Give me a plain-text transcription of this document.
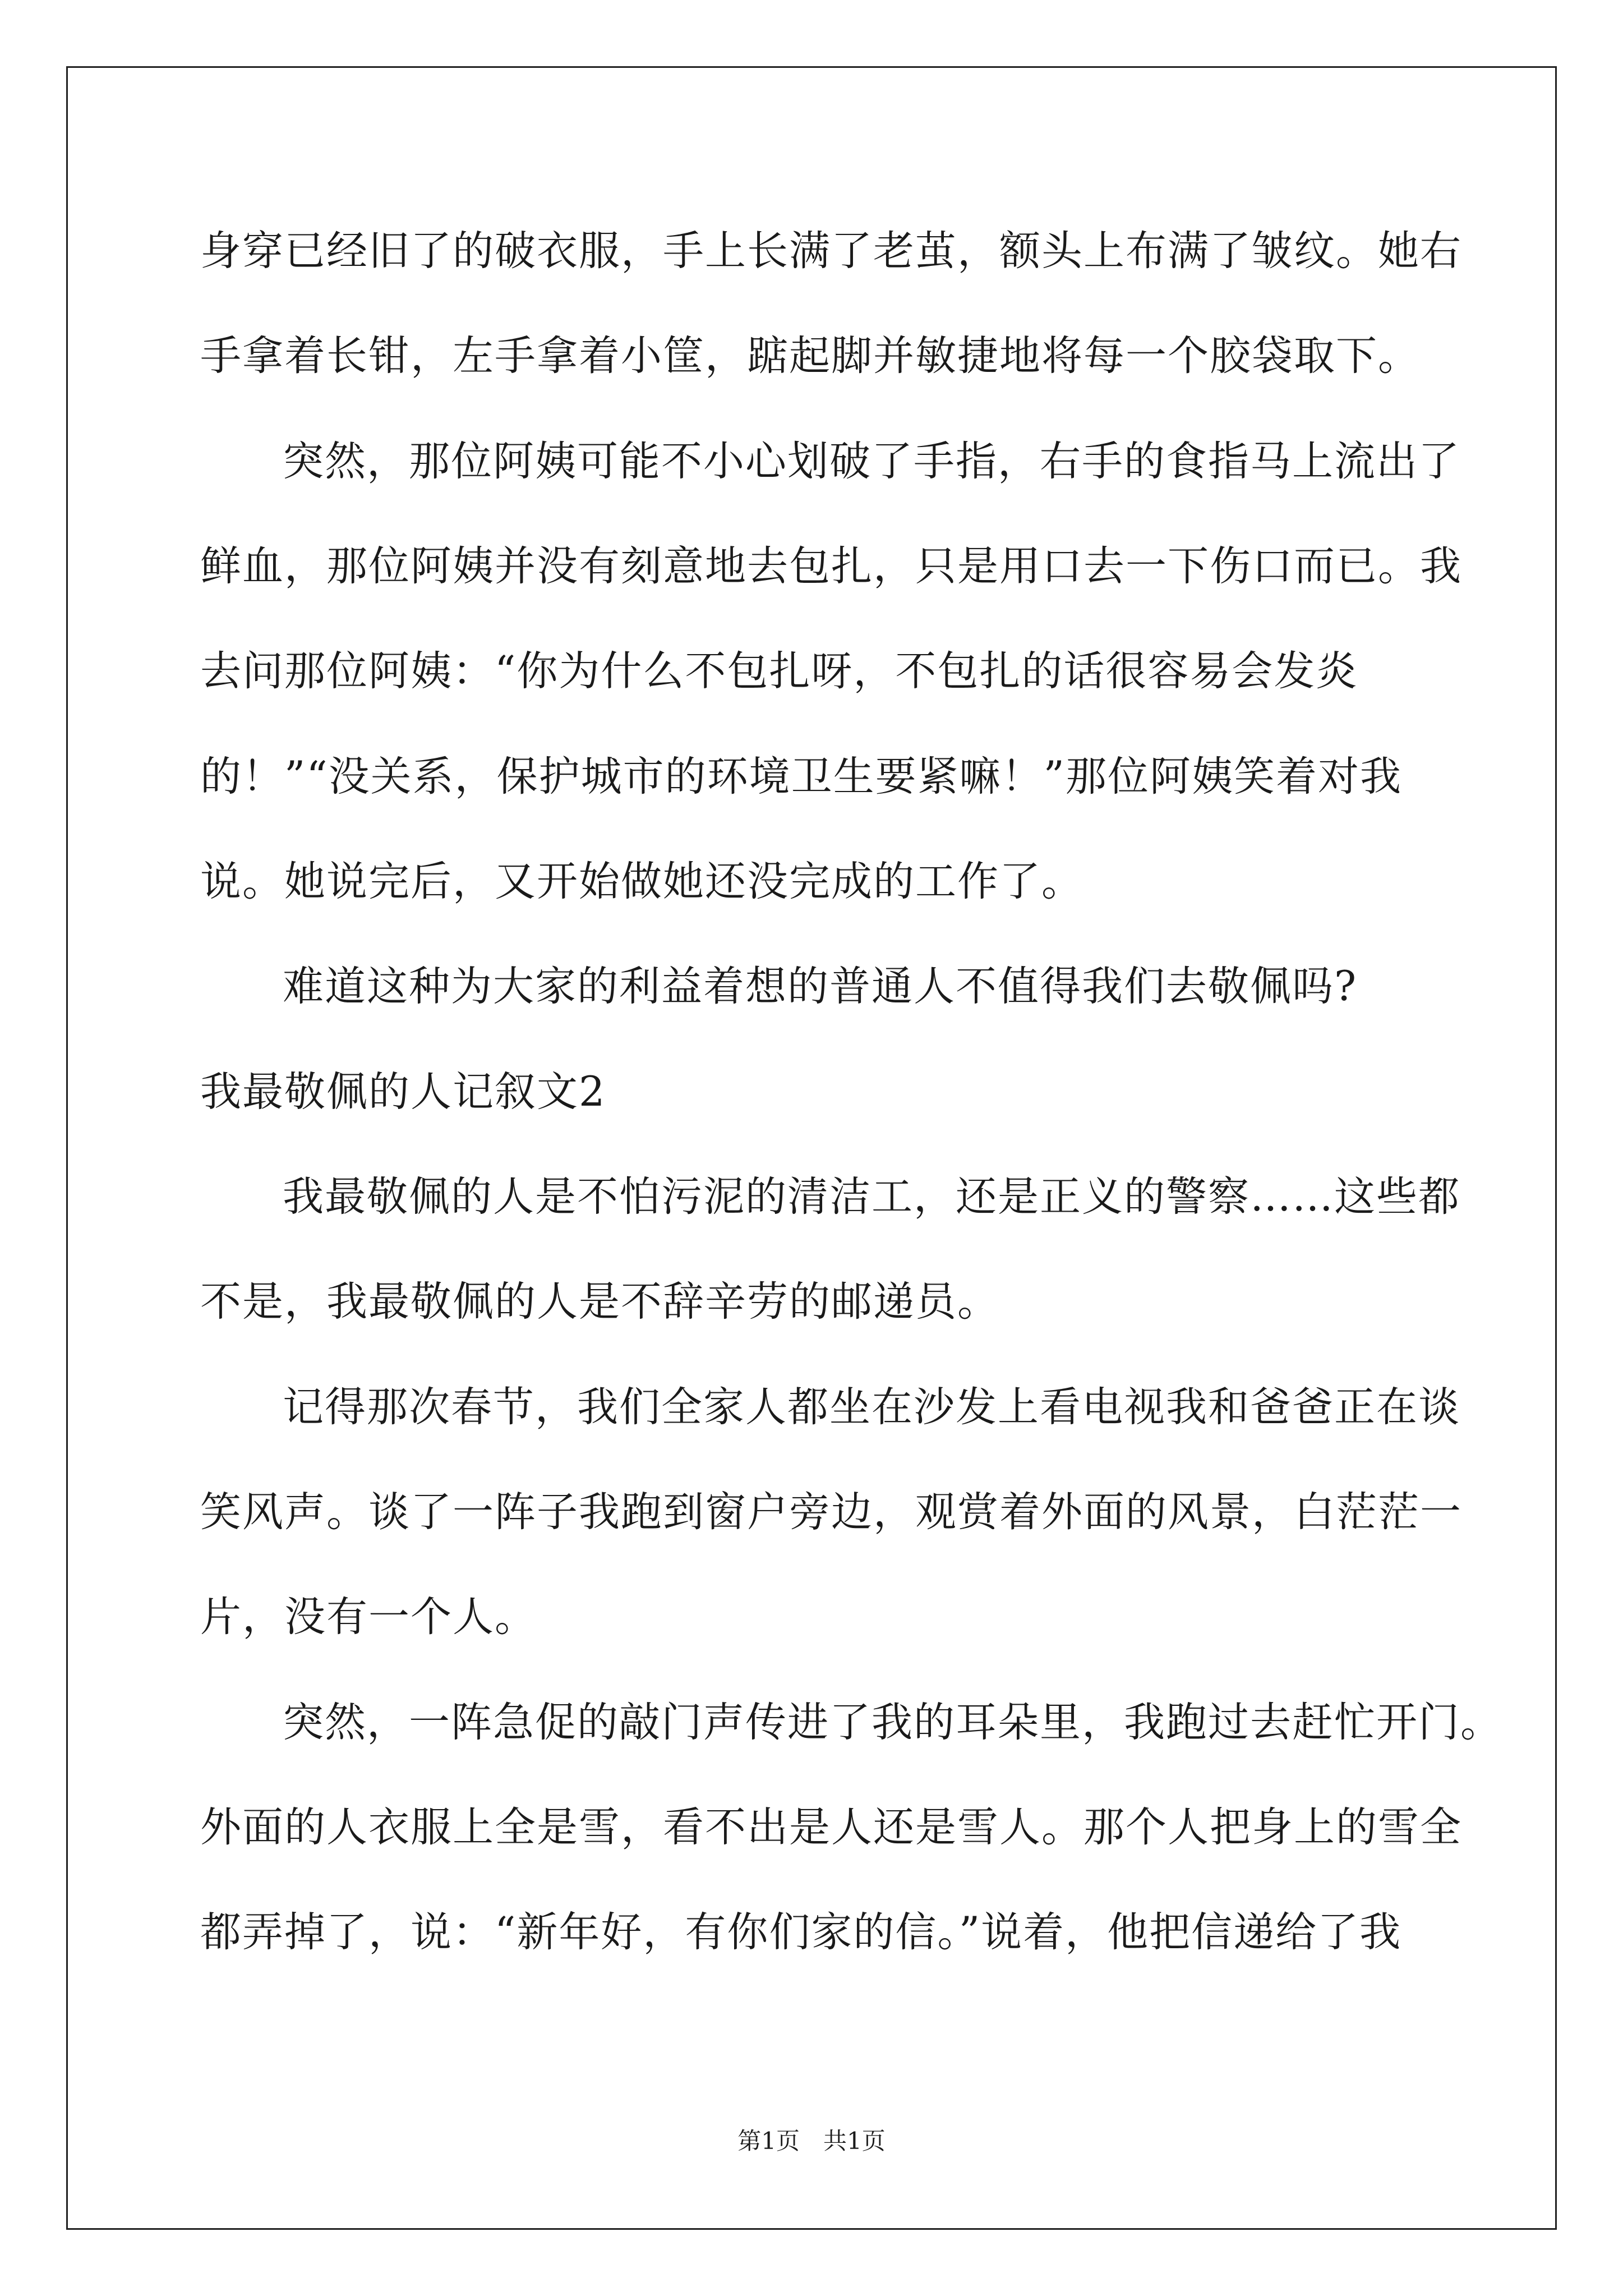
身穿已经旧了的破衣服，手上长满了老茧，额头上布满了皱纹。她右

手拿着长钳，左手拿着小筐，踮起脚并敏捷地将每一个胶袋取下。

突然，那位阿姨可能不小心划破了手指，右手的食指马上流出了

鲜血，那位阿姨并没有刻意地去包扎，只是用口去一下伤口而已。我

去问那位阿姨：“你为什么不包扎呀，不包扎的话很容易会发炎

的！”“没关系，保护城市的环境卫生要紧嘛！”那位阿姨笑着对我

说。她说完后，又开始做她还没完成的工作了。

难道这种为大家的利益着想的普通人不值得我们去敬佩吗?

我最敬佩的人记叙文2

我最敬佩的人是不怕污泥的清洁工，还是正义的警察……这些都

不是，我最敬佩的人是不辞辛劳的邮递员。

记得那次春节，我们全家人都坐在沙发上看电视我和爸爸正在谈

笑风声。谈了一阵子我跑到窗户旁边，观赏着外面的风景，白茫茫一

片，没有一个人。

突然，一阵急促的敲门声传进了我的耳朵里，我跑过去赶忙开门。

外面的人衣服上全是雪，看不出是人还是雪人。那个人把身上的雪全

都弄掉了，说：“新年好，有你们家的信。”说着，他把信递给了我

第1页　共1页
